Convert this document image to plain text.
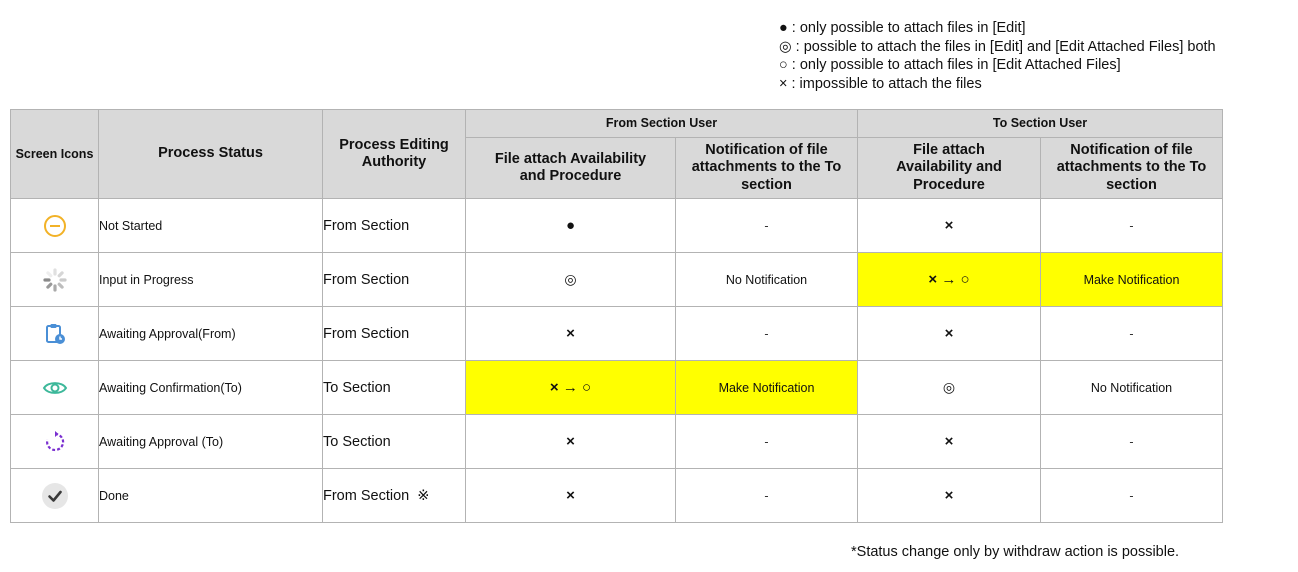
● : only possible to attach files in [Edit]
◎ : possible to attach the files in [Edit] and [Edit Attached Files] both
○ : only possible to attach files in [Edit Attached Files]
× : impossible to attach the files
Screen Icons	Process Status	Process Editing Authority	From Section User		To Section User	
			File attach Availability and Procedure	Notification of file attachments to the To section	File attach Availability and Procedure	Notification of file attachments to the To section
	Not Started	From Section	●	-	×	-
	Input in Progress	From Section	◎	No Notification	× → ○	Make Notification
	Awaiting Approval(From)	From Section	×	-	×	-
	Awaiting Confirmation(To)	To Section	× → ○	Make Notification	◎	No Notification
	Awaiting Approval (To)	To Section	×	-	×	-
	Done	From Section  ※	×	-	×	-
*Status change only by withdraw action is possible.
